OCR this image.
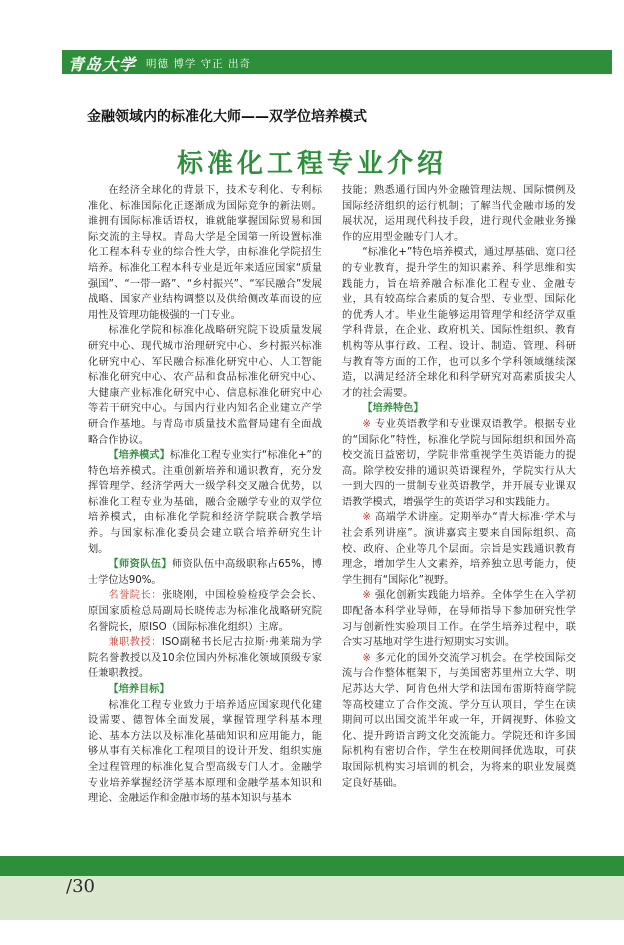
青岛大学 明德 博学 守正 出奇
金融领域内的标准化大师——双学位培养模式
标准化工程专业介绍

在经济全球化的背景下，技术专利化、专利标准化、标准国际化正逐渐成为国际竞争的新法则。谁拥有国际标准话语权，谁就能掌握国际贸易和国际交流的主导权。青岛大学是全国第一所设置标准化工程本科专业的综合性大学，由标准化学院招生培养。标准化工程本科专业是近年来适应国家“质量强国”、“一带一路”、“乡村振兴”、“军民融合”发展战略、国家产业结构调整以及供给侧改革而设的应用性及管理功能极强的一门专业。

标准化学院和标准化战略研究院下设质量发展研究中心、现代城市治理研究中心、乡村振兴标准化研究中心、军民融合标准化研究中心、人工智能标准化研究中心、农产品和食品标准化研究中心、大健康产业标准化研究中心、信息标准化研究中心等若干研究中心。与国内行业内知名企业建立产学研合作基地。与青岛市质量技术监督局建有全面战略合作协议。

【培养模式】标准化工程专业实行“标准化+”的特色培养模式。注重创新培养和通识教育，充分发挥管理学、经济学两大一级学科交叉融合优势，以标准化工程专业为基础，融合金融学专业的双学位培养模式，由标准化学院和经济学院联合教学培养。与国家标准化委员会建立联合培养研究生计划。

【师资队伍】师资队伍中高级职称占65%，博士学位达90%。

名誉院长：张晓刚，中国检验检疫学会会长、原国家质检总局副局长晓传志为标准化战略研究院名誉院长，原ISO（国际标准化组织）主席。

兼职教授：ISO副秘书长尼古拉斯·弗莱瑞为学院名誉教授以及10余位国内外标准化领域顶级专家任兼职教授。

【培养目标】

标准化工程专业致力于培养适应国家现代化建设需要、德智体全面发展，掌握管理学科基本理论、基本方法以及标准化基础知识和应用能力，能够从事有关标准化工程项目的设计开发、组织实施全过程管理的标准化复合型高级专门人才。金融学专业培养掌握经济学基本原理和金融学基本知识和理论、金融运作和金融市场的基本知识与基本

技能；熟悉通行国内外金融管理法规、国际惯例及国际经济组织的运行机制；了解当代金融市场的发展状况，运用现代科技手段，进行现代金融业务操作的应用型金融专门人才。

“标准化+”特色培养模式，通过厚基础、宽口径的专业教育，提升学生的知识素养、科学思维和实践能力，旨在培养融合标准化工程专业、金融专业，具有较高综合素质的复合型、专业型、国际化的优秀人才。毕业生能够运用管理学和经济学双重学科背景，在企业、政府机关、国际性组织、教育机构等从事行政、工程、设计、制造、管理、科研与教育等方面的工作，也可以多个学科领域继续深造，以满足经济全球化和科学研究对高素质拔尖人才的社会需要。

【培养特色】

※ 专业英语教学和专业课双语教学。根据专业的“国际化”特性，标准化学院与国际组织和国外高校交流日益密切，学院非常重视学生英语能力的提高。除学校安排的通识英语课程外，学院实行从大一到大四的一贯制专业英语教学，并开展专业课双语教学模式，增强学生的英语学习和实践能力。

※ 高端学术讲座。定期举办“青大标准·学术与社会系列讲座”。演讲嘉宾主要来自国际组织、高校、政府、企业等几个层面。宗旨是实践通识教育理念，增加学生人文素养，培养独立思考能力，使学生拥有“国际化”视野。

※ 强化创新实践能力培养。全体学生在入学初即配备本科学业导师，在导师指导下参加研究性学习与创新性实验项目工作。在学生培养过程中，联合实习基地对学生进行短期实习实训。

※ 多元化的国外交流学习机会。在学校国际交流与合作整体框架下，与美国密苏里州立大学、明尼苏达大学、阿肯色州大学和法国布雷斯特商学院等高校建立了合作交流、学分互认项目，学生在读期间可以出国交流半年或一年，开阔视野、体验文化、提升跨语言跨文化交流能力。学院还和许多国际机构有密切合作，学生在校期间择优选取，可获取国际机构实习培训的机会，为将来的职业发展奠定良好基础。

/30
